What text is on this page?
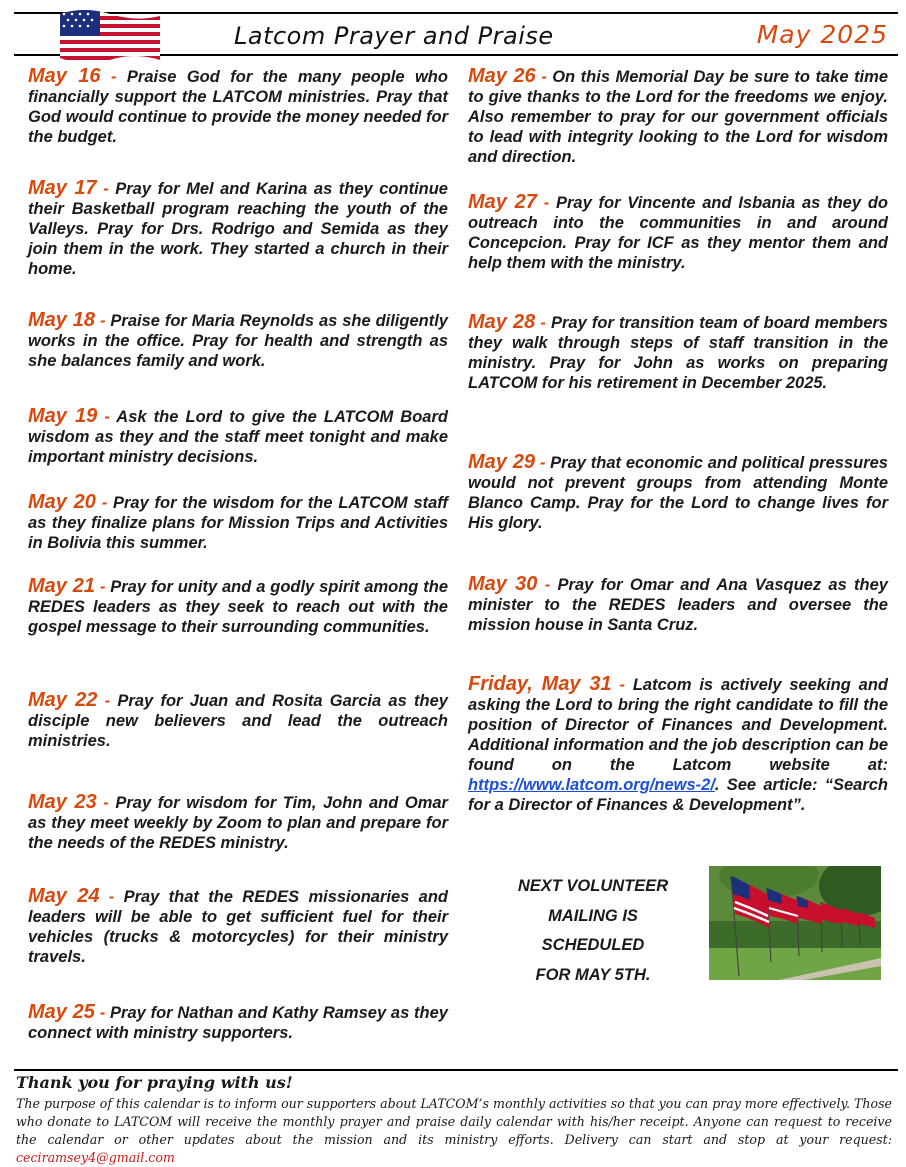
Latcom Prayer and Praise	May 2025
May 16 - Praise God for the many people who financially support the LATCOM ministries. Pray that God would continue to provide the money needed for the budget.
May 17 - Pray for Mel and Karina as they continue their Basketball program reaching the youth of the Valleys. Pray for Drs. Rodrigo and Semida as they join them in the work. They started a church in their home.
May 18 - Praise for Maria Reynolds as she diligently works in the office. Pray for health and strength as she balances family and work.
May 19 - Ask the Lord to give the LATCOM Board wisdom as they and the staff meet tonight and make important ministry decisions.
May 20 - Pray for the wisdom for the LATCOM staff as they finalize plans for Mission Trips and Activities in Bolivia this summer.
May 21 - Pray for unity and a godly spirit among the REDES leaders as they seek to reach out with the gospel message to their surrounding communities.
May 22 - Pray for Juan and Rosita Garcia as they disciple new believers and lead the outreach ministries.
May 23 - Pray for wisdom for Tim, John and Omar as they meet weekly by Zoom to plan and prepare for the needs of the REDES ministry.
May 24 - Pray that the REDES missionaries and leaders will be able to get sufficient fuel for their vehicles (trucks & motorcycles) for their ministry travels.
May 25 - Pray for Nathan and Kathy Ramsey as they connect with ministry supporters.
May 26 - On this Memorial Day be sure to take time to give thanks to the Lord for the freedoms we enjoy. Also remember to pray for our government officials to lead with integrity looking to the Lord for wisdom and direction.
May 27 - Pray for Vincente and Isbania as they do outreach into the communities in and around Concepcion. Pray for ICF as they mentor them and help them with the ministry.
May 28 - Pray for transition team of board members they walk through steps of staff transition in the ministry. Pray for John as works on preparing LATCOM for his retirement in December 2025.
May 29 - Pray that economic and political pressures would not prevent groups from attending Monte Blanco Camp. Pray for the Lord to change lives for His glory.
May 30 - Pray for Omar and Ana Vasquez as they minister to the REDES leaders and oversee the mission house in Santa Cruz.
Friday, May 31 - Latcom is actively seeking and asking the Lord to bring the right candidate to fill the position of Director of Finances and Development. Additional information and the job description can be found on the Latcom website at: https://www.latcom.org/news-2/. See article: “Search for a Director of Finances & Development”.
NEXT VOLUNTEER
MAILING IS
SCHEDULED
FOR MAY 5TH.
Thank you for praying with us!
The purpose of this calendar is to inform our supporters about LATCOM’s monthly activities so that you can pray more effectively. Those who donate to LATCOM will receive the monthly prayer and praise daily calendar with his/her receipt. Anyone can request to receive the calendar or other updates about the mission and its ministry efforts. Delivery can start and stop at your request: ceciramsey4@gmail.com
